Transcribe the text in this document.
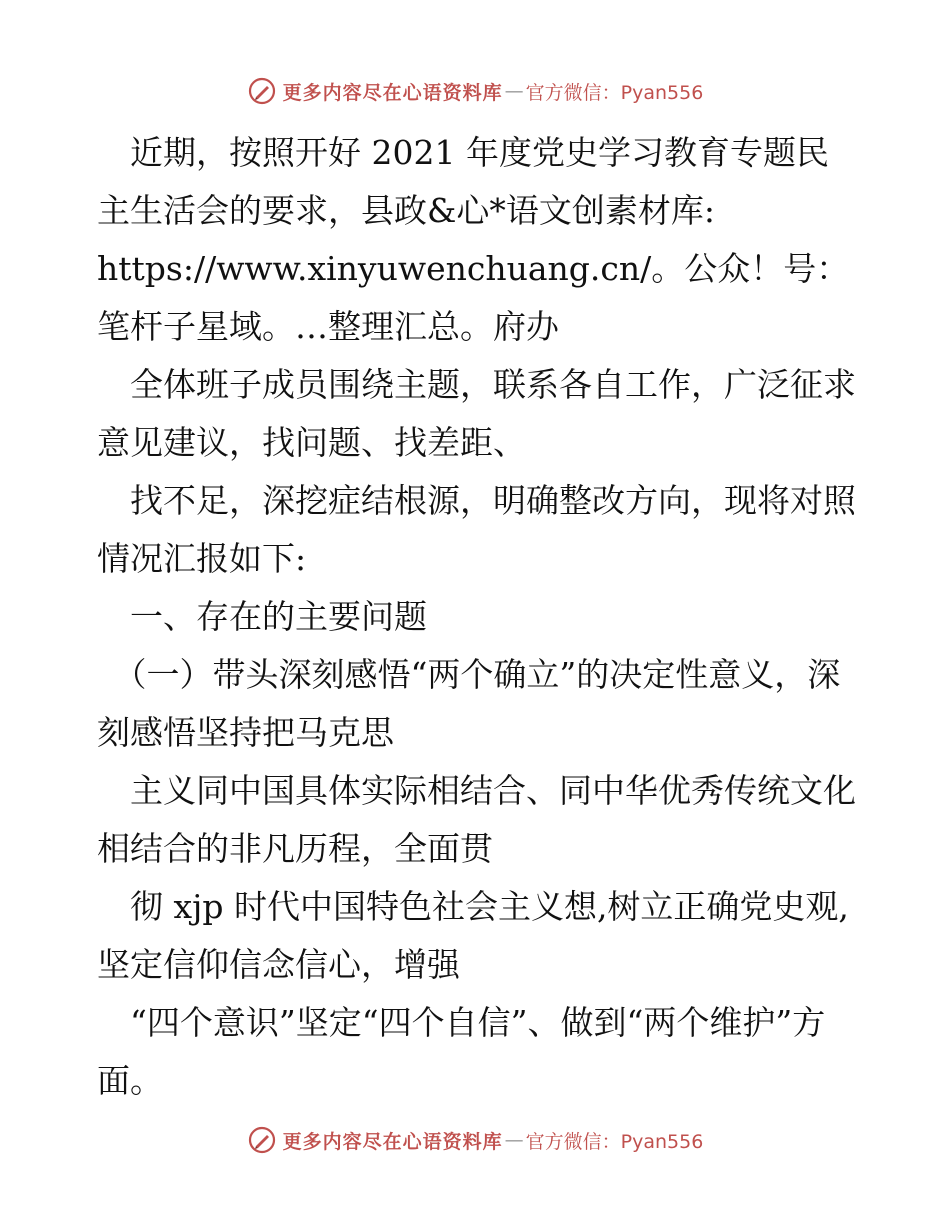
更多内容尽在心语资料库 — 官方微信：Pyan556

　近期，按照开好 2021 年度党史学习教育专题民主生活会的要求，县政&心*语文创素材库:

https://www.xinyuwenchuang.cn/。公众！号：笔杆子星域。…整理汇总。府办

　全体班子成员围绕主题，联系各自工作，广泛征求意见建议，找问题、找差距、

　找不足，深挖症结根源，明确整改方向，现将对照情况汇报如下:

　一、存在的主要问题

　（一）带头深刻感悟“两个确立”的决定性意义，深刻感悟坚持把马克思

　主义同中国具体实际相结合、同中华优秀传统文化相结合的非凡历程，全面贯

　彻 xjp 时代中国特色社会主义想,树立正确党史观,坚定信仰信念信心，增强

　“四个意识”坚定“四个自信”、做到“两个维护”方面。

更多内容尽在心语资料库 — 官方微信：Pyan556
